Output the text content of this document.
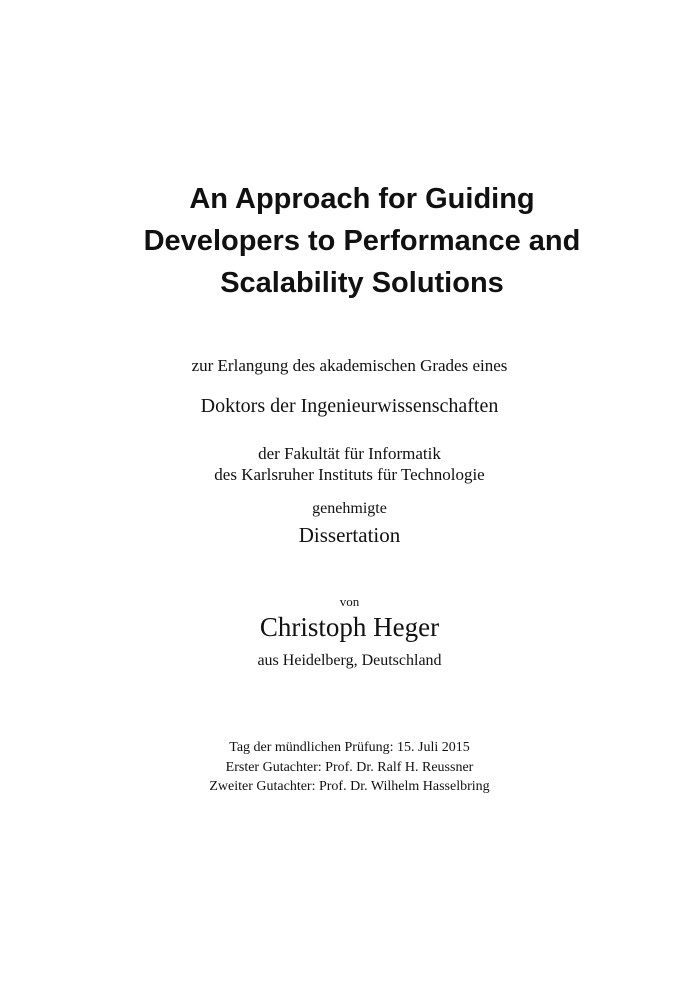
An Approach for Guiding
Developers to Performance and
Scalability Solutions

zur Erlangung des akademischen Grades eines

Doktors der Ingenieurwissenschaften

der Fakultät für Informatik

des Karlsruher Instituts für Technologie

genehmigte

Dissertation

von

Christoph Heger

aus Heidelberg, Deutschland

Tag der mündlichen Prüfung: 15. Juli 2015

Erster Gutachter: Prof. Dr. Ralf H. Reussner

Zweiter Gutachter: Prof. Dr. Wilhelm Hasselbring
